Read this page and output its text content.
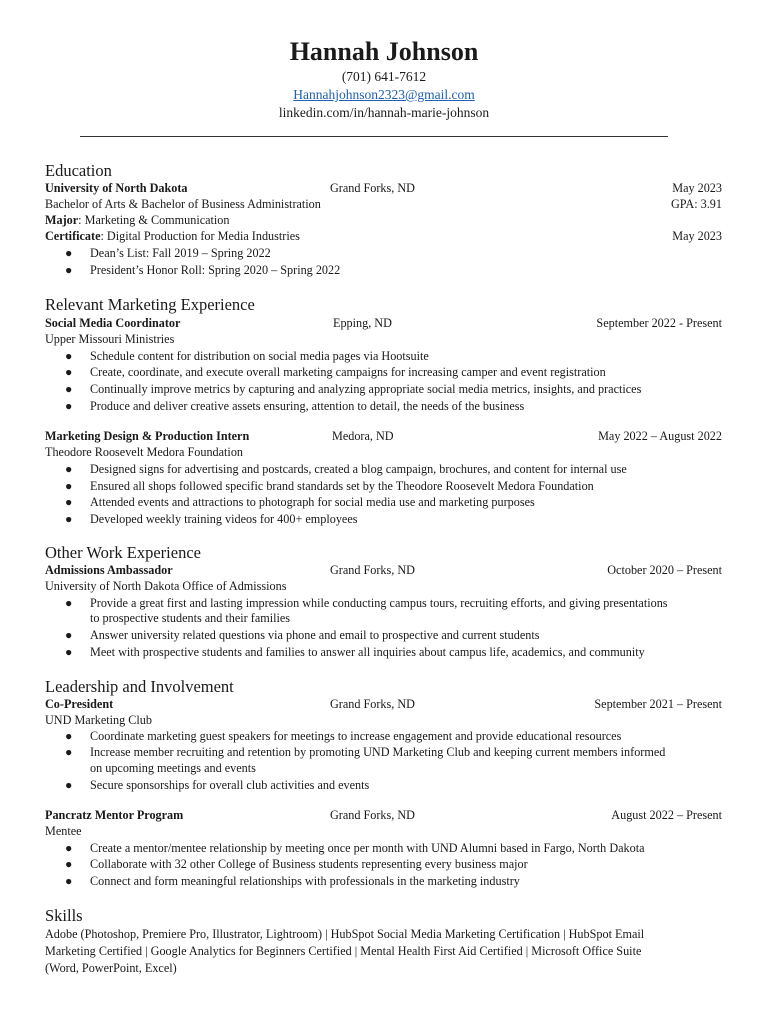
Hannah Johnson
(701) 641-7612
Hannahjohnson2323@gmail.com
linkedin.com/in/hannah-marie-johnson
Education
University of North Dakota	Grand Forks, ND	May 2023
Bachelor of Arts & Bachelor of Business Administration	GPA: 3.91
Major: Marketing & Communication
Certificate: Digital Production for Media Industries	May 2023
● Dean’s List: Fall 2019 – Spring 2022
● President’s Honor Roll: Spring 2020 – Spring 2022
Relevant Marketing Experience
Social Media Coordinator	Epping, ND	September 2022 - Present
Upper Missouri Ministries
● Schedule content for distribution on social media pages via Hootsuite
● Create, coordinate, and execute overall marketing campaigns for increasing camper and event registration
● Continually improve metrics by capturing and analyzing appropriate social media metrics, insights, and practices
● Produce and deliver creative assets ensuring, attention to detail, the needs of the business
Marketing Design & Production Intern	Medora, ND	May 2022 – August 2022
Theodore Roosevelt Medora Foundation
● Designed signs for advertising and postcards, created a blog campaign, brochures, and content for internal use
● Ensured all shops followed specific brand standards set by the Theodore Roosevelt Medora Foundation
● Attended events and attractions to photograph for social media use and marketing purposes
● Developed weekly training videos for 400+ employees
Other Work Experience
Admissions Ambassador	Grand Forks, ND	October 2020 – Present
University of North Dakota Office of Admissions
● Provide a great first and lasting impression while conducting campus tours, recruiting efforts, and giving presentations
to prospective students and their families
● Answer university related questions via phone and email to prospective and current students
● Meet with prospective students and families to answer all inquiries about campus life, academics, and community
Leadership and Involvement
Co-President	Grand Forks, ND	September 2021 – Present
UND Marketing Club
● Coordinate marketing guest speakers for meetings to increase engagement and provide educational resources
● Increase member recruiting and retention by promoting UND Marketing Club and keeping current members informed
on upcoming meetings and events
● Secure sponsorships for overall club activities and events
Pancratz Mentor Program	Grand Forks, ND	August 2022 – Present
Mentee
● Create a mentor/mentee relationship by meeting once per month with UND Alumni based in Fargo, North Dakota
● Collaborate with 32 other College of Business students representing every business major
● Connect and form meaningful relationships with professionals in the marketing industry
Skills
Adobe (Photoshop, Premiere Pro, Illustrator, Lightroom) | HubSpot Social Media Marketing Certification | HubSpot Email
Marketing Certified | Google Analytics for Beginners Certified | Mental Health First Aid Certified | Microsoft Office Suite
(Word, PowerPoint, Excel)
